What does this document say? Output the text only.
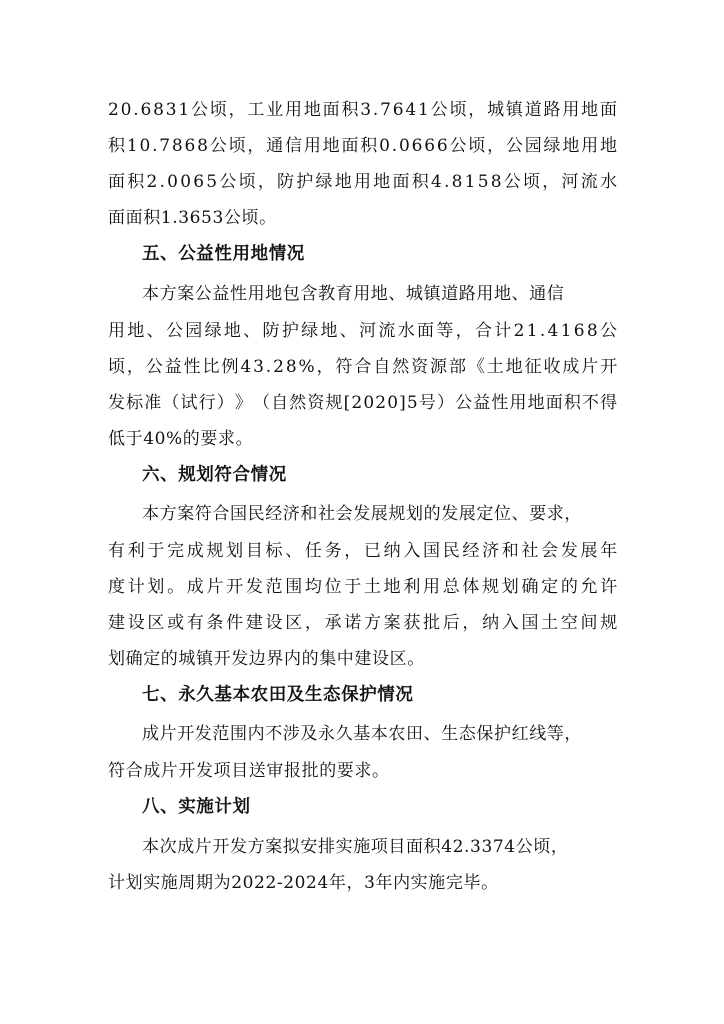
2 0 . 6 8 3 1 公 顷 ， 工 业 用 地 面 积 3 . 7 6 4 1 公 顷 ， 城 镇 道 路 用 地 面
积 1 0 . 7 8 6 8 公 顷 ， 通 信 用 地 面 积 0 . 0 6 6 6 公 顷 ， 公 园 绿 地 用 地
面 积 2 . 0 0 6 5 公 顷 ， 防 护 绿 地 用 地 面 积 4 . 8 1 5 8 公 顷 ， 河 流 水
面面积1.3653公顷。
五、公益性用地情况
本方案公益性用地包含教育用地、城镇道路用地、通信
用 地 、 公 园 绿 地 、 防 护 绿 地 、 河 流 水 面 等 ， 合 计 2 1 . 4 1 6 8 公
顷 ， 公 益 性 比 例 4 3 . 2 8 % ， 符 合 自 然 资 源 部 《 土 地 征 收 成 片 开
发 标 准 （ 试 行 ） 》 （ 自 然 资 规 [ 2 0 2 0 ] 5 号 ） 公 益 性 用 地 面 积 不 得
低于40%的要求。
六、规划符合情况
本方案符合国民经济和社会发展规划的发展定位、要求，
有 利 于 完 成 规 划 目 标 、 任 务 ， 已 纳 入 国 民 经 济 和 社 会 发 展 年
度 计 划 。 成 片 开 发 范 围 均 位 于 土 地 利 用 总 体 规 划 确 定 的 允 许
建 设 区 或 有 条 件 建 设 区 ， 承 诺 方 案 获 批 后 ， 纳 入 国 土 空 间 规
划确定的城镇开发边界内的集中建设区。
七、永久基本农田及生态保护情况
成片开发范围内不涉及永久基本农田、生态保护红线等，
符合成片开发项目送审报批的要求。
八、实施计划
本次成片开发方案拟安排实施项目面积42.3374公顷，
计划实施周期为2022-2024年，3年内实施完毕。
